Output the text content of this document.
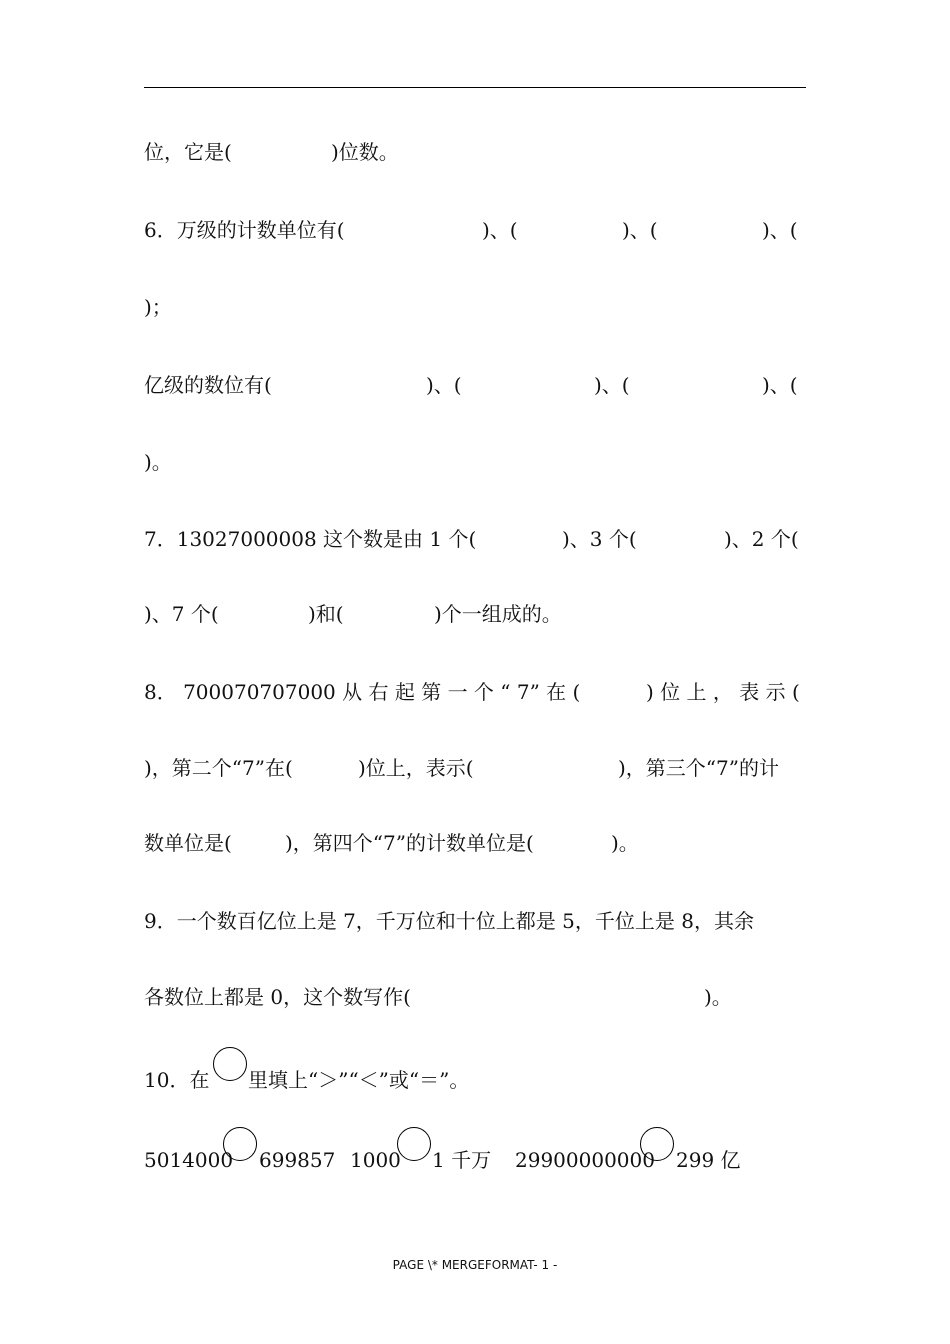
位，它是(	)位数。
6．万级的计数单位有(	)、(	)、(	)、(
)；
亿级的数位有(	)、(	)、(	)、(
)。
7．13027000008 这个数是由 1 个(	)、3 个(	)、2 个(
)、7 个(	)和(	)个一组成的。
8． 700070707000 从 右 起 第 一 个 “ 7” 在 (	) 位 上 ， 表 示 (
)，第二个“7”在(	)位上，表示(	)，第三个“7”的计
数单位是(	)，第四个“7”的计数单位是(	)。
9．一个数百亿位上是 7，千万位和十位上都是 5，千位上是 8，其余
各数位上都是 0，这个数写作(	)。
10．在 里填上“＞”“＜”或“＝”。
5014000 699857 1000 1 千万 29900000000 299 亿
PAGE \* MERGEFORMAT- 1 -
